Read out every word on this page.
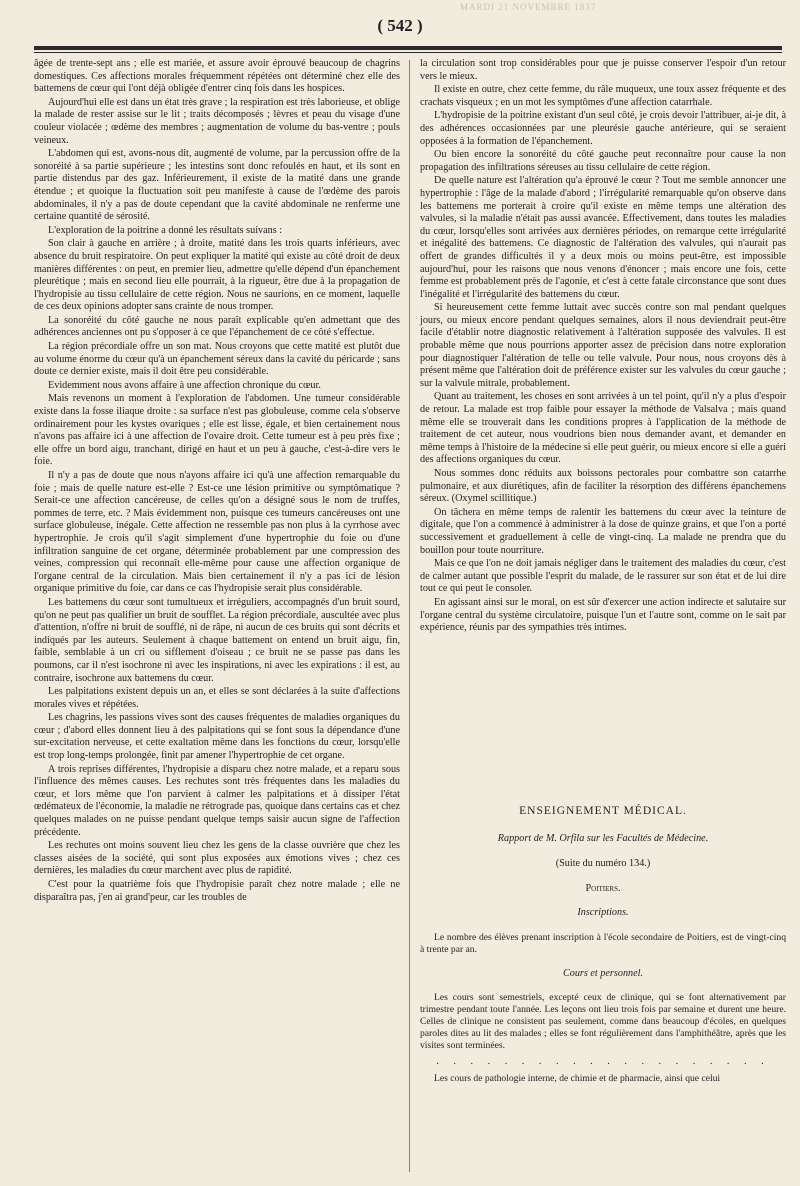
MARDI 21 NOVEMBRE 1837
( 542 )

âgée de trente-sept ans ; elle est mariée, et assure avoir éprouvé beaucoup de chagrins domestiques. Ces affections morales fréquemment répétées ont déterminé chez elle des battemens de cœur qui l'ont déjà obligée d'entrer cinq fois dans les hospices.

Aujourd'hui elle est dans un état très grave ; la respiration est très laborieuse, et oblige la malade de rester assise sur le lit ; traits décomposés ; lèvres et peau du visage d'une couleur violacée ; œdème des membres ; augmentation de volume du bas-ventre ; pouls veineux.

L'abdomen qui est, avons-nous dit, augmenté de volume, par la percussion offre de la sonoréité à sa partie supérieure ; les intestins sont donc refoulés en haut, et ils sont en partie distendus par des gaz. Inférieurement, il existe de la matité dans une grande étendue ; et quoique la fluctuation soit peu manifeste à cause de l'œdème des parois abdominales, il n'y a pas de doute cependant que la cavité abdominale ne renferme une certaine quantité de sérosité.

L'exploration de la poitrine a donné les résultats suivans :

Son clair à gauche en arrière ; à droite, matité dans les trois quarts inférieurs, avec absence du bruit respiratoire. On peut expliquer la matité qui existe au côté droit de deux manières différentes : on peut, en premier lieu, admettre qu'elle dépend d'un épanchement pleurétique ; mais en second lieu elle pourrait, à la rigueur, être due à la propagation de l'hydropisie au tissu cellulaire de cette région. Nous ne saurions, en ce moment, laquelle de ces deux opinions adopter sans crainte de nous tromper.

La sonoréité du côté gauche ne nous paraît explicable qu'en admettant que des adhérences anciennes ont pu s'opposer à ce que l'épanchement de ce côté s'effectue.

La région précordiale offre un son mat. Nous croyons que cette matité est plutôt due au volume énorme du cœur qu'à un épanchement séreux dans la cavité du péricarde ; sans doute ce dernier existe, mais il doit être peu considérable.

Evidemment nous avons affaire à une affection chronique du cœur.

Mais revenons un moment à l'exploration de l'abdomen. Une tumeur considérable existe dans la fosse iliaque droite : sa surface n'est pas globuleuse, comme cela s'observe ordinairement pour les kystes ovariques ; elle est lisse, égale, et bien certainement nous n'avons pas affaire ici à une affection de l'ovaire droit. Cette tumeur est à peu près fixe ; elle offre un bord aigu, tranchant, dirigé en haut et un peu à gauche, c'est-à-dire vers le foie.

Il n'y a pas de doute que nous n'ayons affaire ici qu'à une affection remarquable du foie ; mais de quelle nature est-elle ? Est-ce une lésion primitive ou symptômatique ? Serait-ce une affection cancéreuse, de celles qu'on a désigné sous le nom de truffes, pommes de terre, etc. ? Mais évidemment non, puisque ces tumeurs cancéreuses ont une surface globuleuse, inégale. Cette affection ne ressemble pas non plus à la cyrrhose avec hypertrophie. Je crois qu'il s'agit simplement d'une hypertrophie du foie ou d'une infiltration sanguine de cet organe, déterminée probablement par une compression des veines, compression qui reconnaît elle-même pour cause une affection organique de l'organe central de la circulation. Mais bien certainement il n'y a pas ici de lésion organique primitive du foie, car dans ce cas l'hydropisie serait plus considérable.

Les battemens du cœur sont tumultueux et irréguliers, accompagnés d'un bruit sourd, qu'on ne peut pas qualifier un bruit de soufflet. La région précordiale, auscultée avec plus d'attention, n'offre ni bruit de soufflé, ni de râpe, ni aucun de ces bruits qui sont décrits et indiqués par les auteurs. Seulement à chaque battement on entend un bruit aigu, fin, faible, semblable à un cri ou sifflement d'oiseau ; ce bruit ne se passe pas dans les poumons, car il n'est isochrone ni avec les inspirations, ni avec les expirations : il est, au contraire, isochrone aux battemens du cœur.

Les palpitations existent depuis un an, et elles se sont déclarées à la suite d'affections morales vives et répétées.

Les chagrins, les passions vives sont des causes fréquentes de maladies organiques du cœur ; d'abord elles donnent lieu à des palpitations qui se font sous la dépendance d'une sur-excitation nerveuse, et cette exaltation même dans les fonctions du cœur, lorsqu'elle est trop long-temps prolongée, finit par amener l'hypertrophie de cet organe.

A trois reprises différentes, l'hydropisie a disparu chez notre malade, et a reparu sous l'influence des mêmes causes. Les rechutes sont très fréquentes dans les maladies du cœur, et lors même que l'on parvient à calmer les palpitations et à dissiper l'état œdémateux de l'économie, la maladie ne rétrograde pas, quoique dans certains cas et chez quelques malades on ne puisse pendant quelque temps saisir aucun signe de l'affection précédente.

Les rechutes ont moins souvent lieu chez les gens de la classe ouvrière que chez les classes aisées de la société, qui sont plus exposées aux émotions vives ; chez ces dernières, les maladies du cœur marchent avec plus de rapidité.

C'est pour la quatrième fois que l'hydropisie paraît chez notre malade ; elle ne disparaîtra pas, j'en ai grand'peur, car les troubles de

la circulation sont trop considérables pour que je puisse conserver l'espoir d'un retour vers le mieux.

Il existe en outre, chez cette femme, du râle muqueux, une toux assez fréquente et des crachats visqueux ; en un mot les symptômes d'une affection catarrhale.

L'hydropisie de la poitrine existant d'un seul côté, je crois devoir l'attribuer, ai-je dit, à des adhérences occasionnées par une pleurésie gauche antérieure, qui se seraient opposées à la formation de l'épanchement.

Ou bien encore la sonoréité du côté gauche peut reconnaître pour cause la non propagation des infiltrations séreuses au tissu cellulaire de cette région.

De quelle nature est l'altération qu'a éprouvé le cœur ? Tout me semble annoncer une hypertrophie : l'âge de la malade d'abord ; l'irrégularité remarquable qu'on observe dans les battemens me porterait à croire qu'il existe en même temps une altération des valvules, si la maladie n'était pas aussi avancée. Effectivement, dans toutes les maladies du cœur, lorsqu'elles sont arrivées aux dernières périodes, on remarque cette irrégularité et inégalité des battemens. Ce diagnostic de l'altération des valvules, qui n'aurait pas offert de grandes difficultés il y a deux mois ou moins peut-être, est impossible aujourd'hui, pour les raisons que nous venons d'énoncer ; mais encore une fois, cette femme est probablement près de l'agonie, et c'est à cette fatale circonstance que sont dues l'inégalité et l'irrégularité des battemens du cœur.

Si heureusement cette femme luttait avec succès contre son mal pendant quelques jours, ou mieux encore pendant quelques semaines, alors il nous deviendrait peut-être facile d'établir notre diagnostic relativement à l'altération supposée des valvules. Il est probable même que nous pourrions apporter assez de précision dans notre exploration pour diagnostiquer l'altération de telle ou telle valvule. Pour nous, nous croyons dès à présent même que l'altération doit de préférence exister sur les valvules du cœur gauche ; sur la valvule mitrale, probablement.

Quant au traitement, les choses en sont arrivées à un tel point, qu'il n'y a plus d'espoir de retour. La malade est trop faible pour essayer la méthode de Valsalva ; mais quand même elle se trouverait dans les conditions propres à l'application de la méthode de traitement de cet auteur, nous voudrions bien nous demander avant, et demander en même temps à l'histoire de la médecine si elle peut guérir, ou mieux encore si elle a guéri des affections organiques du cœur.

Nous sommes donc réduits aux boissons pectorales pour combattre son catarrhe pulmonaire, et aux diurétiques, afin de faciliter la résorption des différens épanchemens séreux. (Oxymel scillitique.)

On tâchera en même temps de ralentir les battemens du cœur avec la teinture de digitale, que l'on a commencé à administrer à la dose de quinze grains, et que l'on a porté successivement et graduellement à celle de vingt-cinq. La malade ne prendra que du bouillon pour toute nourriture.

Mais ce que l'on ne doit jamais négliger dans le traitement des maladies du cœur, c'est de calmer autant que possible l'esprit du malade, de le rassurer sur son état et de lui dire tout ce qui peut le consoler.

En agissant ainsi sur le moral, on est sûr d'exercer une action indirecte et salutaire sur l'organe central du système circulatoire, puisque l'un et l'autre sont, comme on le sait par expérience, réunis par des sympathies très intimes.

ENSEIGNEMENT MÉDICAL.

Rapport de M. Orfila sur les Facultés de Médecine.

(Suite du numéro 134.)

Poitiers.

Inscriptions.

Le nombre des élèves prenant inscription à l'école secondaire de Poitiers, est de vingt-cinq à trente par an.

Cours et personnel.

Les cours sont semestriels, excepté ceux de clinique, qui se font alternativement par trimestre pendant toute l'année. Les leçons ont lieu trois fois par semaine et durent une heure. Celles de clinique ne consistent pas seulement, comme dans beaucoup d'écoles, en quelques paroles dites au lit des malades ; elles se font régulièrement dans l'amphithéâtre, après que les visites sont terminées.

. . . . . . . . . . . . . . . . . . . .

Les cours de pathologie interne, de chimie et de pharmacie, ainsi que celui
